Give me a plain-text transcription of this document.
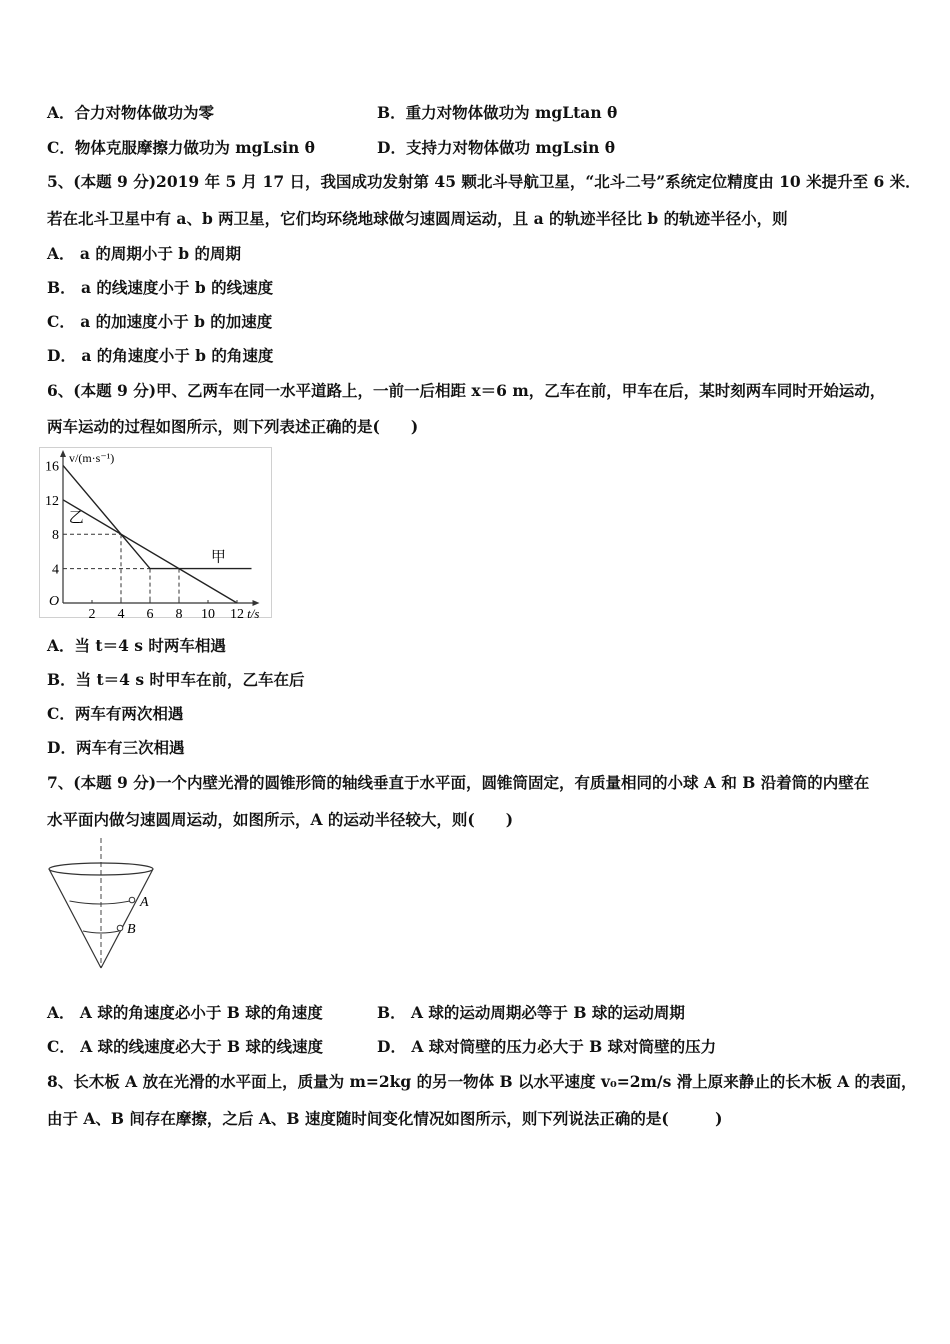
A．合力对物体做功为零	B．重力对物体做功为 mgLtan θ
C．物体克服摩擦力做功为 mgLsin θ	D．支持力对物体做功 mgLsin θ
5、(本题 9 分)2019 年 5 月 17 日，我国成功发射第 45 颗北斗导航卫星，“北斗二号”系统定位精度由 10 米提升至 6 米．
若在北斗卫星中有 a、b 两卫星，它们均环绕地球做匀速圆周运动，且 a 的轨迹半径比 b 的轨迹半径小，则
A． a 的周期小于 b 的周期
B． a 的线速度小于 b 的线速度
C． a 的加速度小于 b 的加速度
D． a 的角速度小于 b 的角速度
6、(本题 9 分)甲、乙两车在同一水平道路上，一前一后相距 x＝6 m，乙车在前，甲车在后，某时刻两车同时开始运动，
两车运动的过程如图所示，则下列表述正确的是(　　)
16
12
8
4
2 4 6 8 10 12
O
v/(m·s⁻¹)
t/s
乙
甲
A．当 t＝4 s 时两车相遇
B．当 t＝4 s 时甲车在前，乙车在后
C．两车有两次相遇
D．两车有三次相遇
7、(本题 9 分)一个内壁光滑的圆锥形筒的轴线垂直于水平面，圆锥筒固定，有质量相同的小球 A 和 B 沿着筒的内壁在
水平面内做匀速圆周运动，如图所示，A 的运动半径较大，则(　　)
A
B
A． A 球的角速度必小于 B 球的角速度	B． A 球的运动周期必等于 B 球的运动周期
C． A 球的线速度必大于 B 球的线速度	D． A 球对筒壁的压力必大于 B 球对筒壁的压力
8、长木板 A 放在光滑的水平面上，质量为 m=2kg 的另一物体 B 以水平速度 v₀=2m/s 滑上原来静止的长木板 A 的表面，
由于 A、B 间存在摩擦，之后 A、B 速度随时间变化情况如图所示，则下列说法正确的是(　　　)
